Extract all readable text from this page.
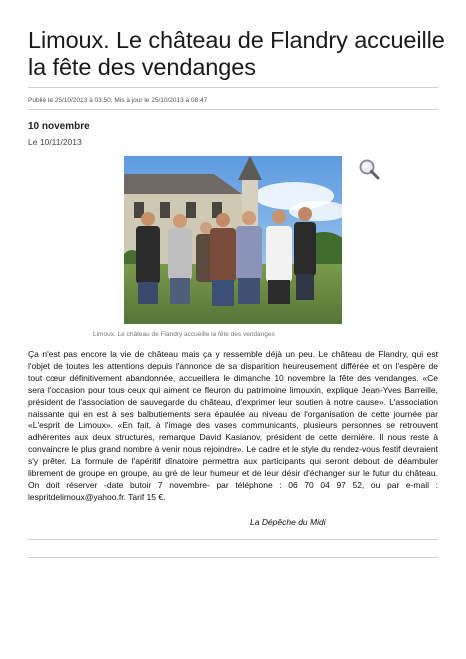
Limoux. Le château de Flandry accueille la fête des vendanges
Publié le 25/10/2013 à 03:50, Mis à jour le 25/10/2013 à 08:47
10 novembre
Le 10/11/2013
Limoux. Le château de Flandry accueille la fête des vendanges

Ça n'est pas encore la vie de château mais ça y ressemble déjà un peu. Le château de Flandry, qui est l'objet de toutes les attentions depuis l'annonce de sa disparition heureusement différée et on l'espère de tout cœur définitivement abandonnée, accueillera le dimanche 10 novembre la fête des vendanges. «Ce sera l'occasion pour tous ceux qui aiment ce fleuron du patrimoine limouxin, explique Jean-Yves Barreille, président de l'association de sauvegarde du château, d'exprimer leur soutien à notre cause». L'association naissante qui en est à ses balbutiements sera épaulée au niveau de l'organisation de cette journée par «L'esprit de Limoux». «En fait, à l'image des vases communicants, plusieurs personnes se retrouvent adhérentes aux deux structures, remarque David Kasianov, président de cette dernière. Il nous reste à convaincre le plus grand nombre à venir nous rejoindre». Le cadre et le style du rendez-vous festif devraient s'y prêter. La formule de l'apéritif dînatoire permettra aux participants qui seront debout de déambuler librement de groupe en groupe, au gré de leur humeur et de leur désir d'échanger sur le futur du château. On doit réserver -date butoir 7 novembre- par téléphone : 06 70 04 97 52, ou par e-mail : lespritdelimoux@yahoo.fr. Tarif 15 €.

La Dépêche du Midi
